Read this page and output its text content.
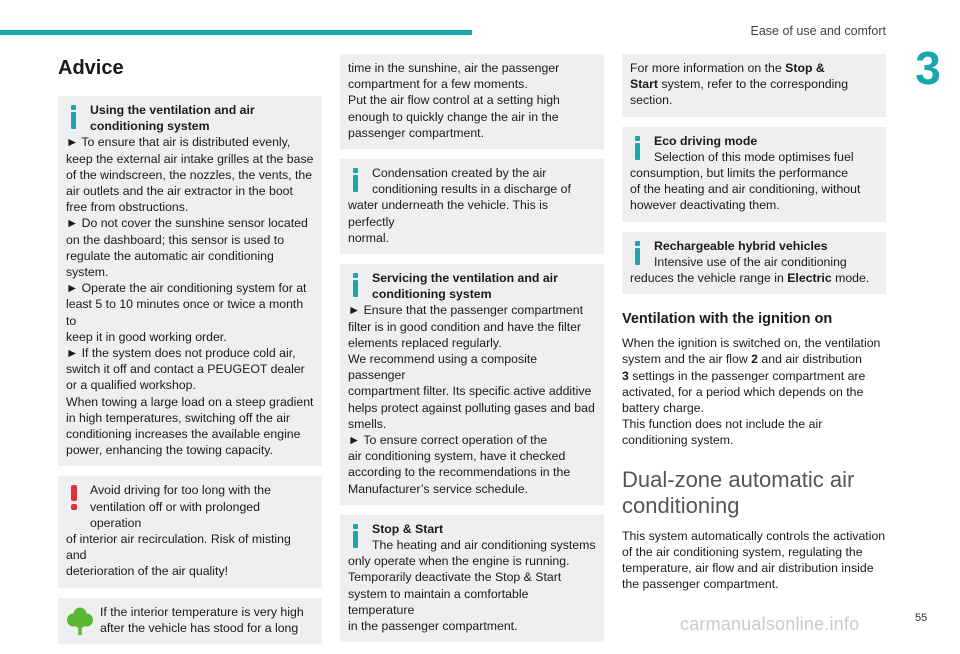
Ease of use and comfort
3
Advice

Using the ventilation and air

conditioning system

► To ensure that air is distributed evenly,

keep the external air intake grilles at the base

of the windscreen, the nozzles, the vents, the

air outlets and the air extractor in the boot

free from obstructions.

► Do not cover the sunshine sensor located

on the dashboard; this sensor is used to

regulate the automatic air conditioning

system.

► Operate the air conditioning system for at

least 5 to 10 minutes once or twice a month to

keep it in good working order.

► If the system does not produce cold air,

switch it off and contact a PEUGEOT dealer

or a qualified workshop.

When towing a large load on a steep gradient

in high temperatures, switching off the air

conditioning increases the available engine

power, enhancing the towing capacity.

Avoid driving for too long with the

ventilation off or with prolonged operation

of interior air recirculation. Risk of misting and

deterioration of the air quality!

If the interior temperature is very high

after the vehicle has stood for a long

time in the sunshine, air the passenger

compartment for a few moments.

Put the air flow control at a setting high

enough to quickly change the air in the

passenger compartment.

Condensation created by the air

conditioning results in a discharge of

water underneath the vehicle. This is perfectly

normal.

Servicing the ventilation and air

conditioning system

► Ensure that the passenger compartment

filter is in good condition and have the filter

elements replaced regularly.

We recommend using a composite passenger

compartment filter. Its specific active additive

helps protect against polluting gases and bad

smells.

► To ensure correct operation of the

air conditioning system, have it checked

according to the recommendations in the

Manufacturer’s service schedule.

Stop & Start

The heating and air conditioning systems

only operate when the engine is running.

Temporarily deactivate the Stop & Start

system to maintain a comfortable temperature

in the passenger compartment.

For more information on the Stop &

Start system, refer to the corresponding

section.

Eco driving mode

Selection of this mode optimises fuel

consumption, but limits the performance

of the heating and air conditioning, without

however deactivating them.

Rechargeable hybrid vehicles

Intensive use of the air conditioning

reduces the vehicle range in Electric mode.

Ventilation with the ignition on

When the ignition is switched on, the ventilation

system and the air flow 2 and air distribution

3 settings in the passenger compartment are

activated, for a period which depends on the

battery charge.

This function does not include the air

conditioning system.

Dual-zone automatic air
conditioning

This system automatically controls the activation

of the air conditioning system, regulating the

temperature, air flow and air distribution inside

the passenger compartment.

carmanualsonline.info	55
